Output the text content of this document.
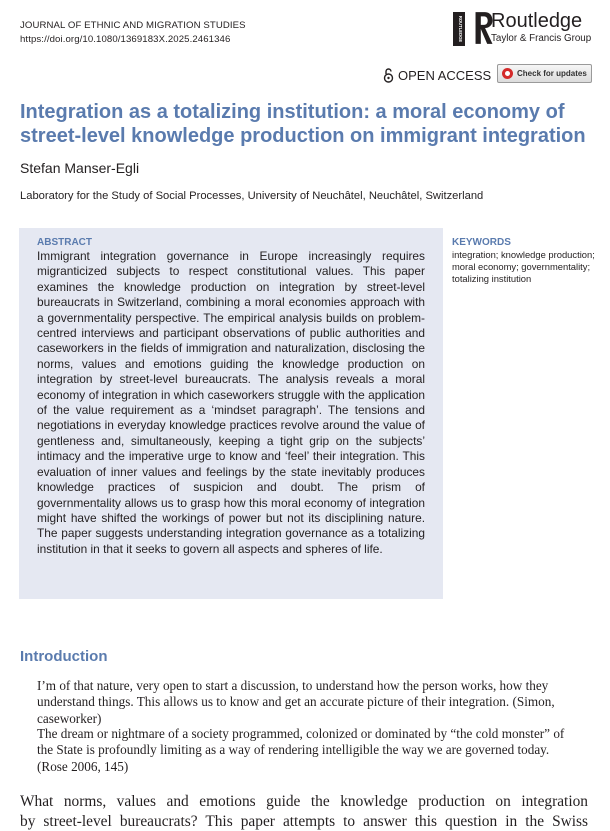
JOURNAL OF ETHNIC AND MIGRATION STUDIES
https://doi.org/10.1080/1369183X.2025.2461346	ROUTLEDGE Routledge
Taylor & Francis Group
OPEN ACCESS	Check for updates
Integration as a totalizing institution: a moral economy of
street-level knowledge production on immigrant integration
Stefan Manser-Egli
Laboratory for the Study of Social Processes, University of Neuchâtel, Neuchâtel, Switzerland
ABSTRACT
Immigrant integration governance in Europe increasingly requires migranticized subjects to respect constitutional values. This paper examines the knowledge production on integration by street-level bureaucrats in Switzerland, combining a moral economies approach with a governmentality perspective. The empirical analysis builds on problem-centred interviews and participant observations of public authorities and caseworkers in the fields of immigration and naturalization, disclosing the norms, values and emotions guiding the knowledge production on integration by street-level bureaucrats. The analysis reveals a moral economy of integration in which caseworkers struggle with the application of the value requirement as a ‘mindset paragraph’. The tensions and negotiations in everyday knowledge practices revolve around the value of gentleness and, simultaneously, keeping a tight grip on the subjects’ intimacy and the imperative urge to know and ‘feel’ their integration. This evaluation of inner values and feelings by the state inevitably produces knowledge practices of suspicion and doubt. The prism of governmentality allows us to grasp how this moral economy of integration might have shifted the workings of power but not its disciplining nature. The paper suggests understanding integration governance as a totalizing institution in that it seeks to govern all aspects and spheres of life.
KEYWORDS
integration; knowledge production; moral economy; governmentality; totalizing institution
Introduction
I’m of that nature, very open to start a discussion, to understand how the person works, how they understand things. This allows us to know and get an accurate picture of their integration. (Simon, caseworker)
The dream or nightmare of a society programmed, colonized or dominated by “the cold monster” of the State is profoundly limiting as a way of rendering intelligible the way we are governed today. (Rose 2006, 145)
What norms, values and emotions guide the knowledge production on integration
by street-level bureaucrats? This paper attempts to answer this question in the Swiss
